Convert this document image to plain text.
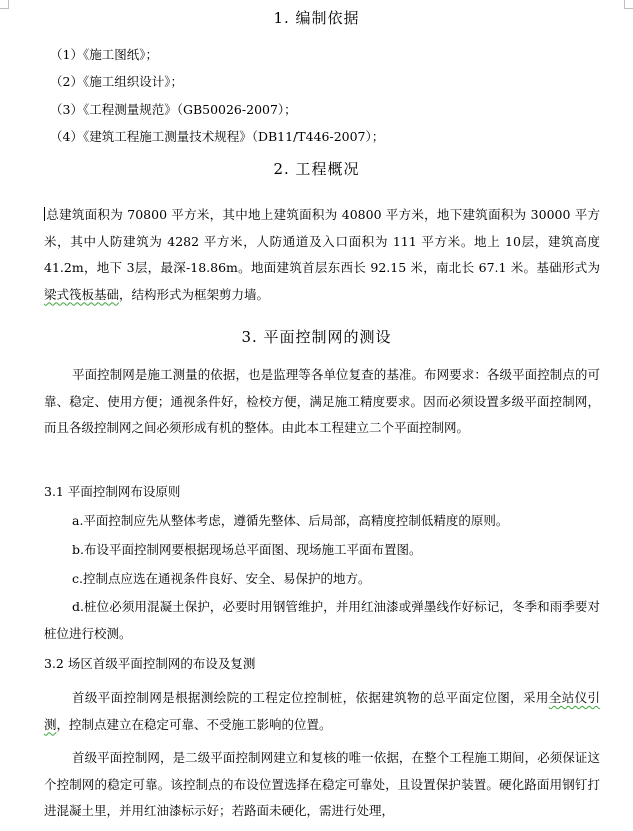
1. 编制依据
（1）《施工图纸》；
（2）《施工组织设计》；
（3）《工程测量规范》（GB50026-2007）；
（4）《建筑工程施工测量技术规程》（DB11/T446-2007）；
2. 工程概况
总建筑面积为 70800 平方米，其中地上建筑面积为 40800 平方米，地下建筑面积为 30000 平方米，其中人防建筑为 4282 平方米，人防通道及入口面积为 111 平方米。地上 10层，建筑高度 41.2m，地下 3层，最深-18.86m。地面建筑首层东西长 92.15 米，南北长 67.1 米。基础形式为梁式筏板基础，结构形式为框架剪力墙。
3. 平面控制网的测设
平面控制网是施工测量的依据，也是监理等各单位复查的基准。布网要求：各级平面控制点的可靠、稳定、使用方便；通视条件好，检校方便，满足施工精度要求。因而必须设置多级平面控制网，而且各级控制网之间必须形成有机的整体。由此本工程建立二个平面控制网。
3.1 平面控制网布设原则
a.平面控制应先从整体考虑，遵循先整体、后局部，高精度控制低精度的原则。
b.布设平面控制网要根据现场总平面图、现场施工平面布置图。
c.控制点应选在通视条件良好、安全、易保护的地方。
d.桩位必须用混凝土保护，必要时用钢管维护，并用红油漆或弹墨线作好标记，冬季和雨季要对桩位进行校测。
3.2 场区首级平面控制网的布设及复测
首级平面控制网是根据测绘院的工程定位控制桩，依据建筑物的总平面定位图，采用全站仪引测，控制点建立在稳定可靠、不受施工影响的位置。
首级平面控制网，是二级平面控制网建立和复核的唯一依据，在整个工程施工期间，必须保证这个控制网的稳定可靠。该控制点的布设位置选择在稳定可靠处，且设置保护装置。硬化路面用钢钉打进混凝土里，并用红油漆标示好；若路面未硬化，需进行处理，
